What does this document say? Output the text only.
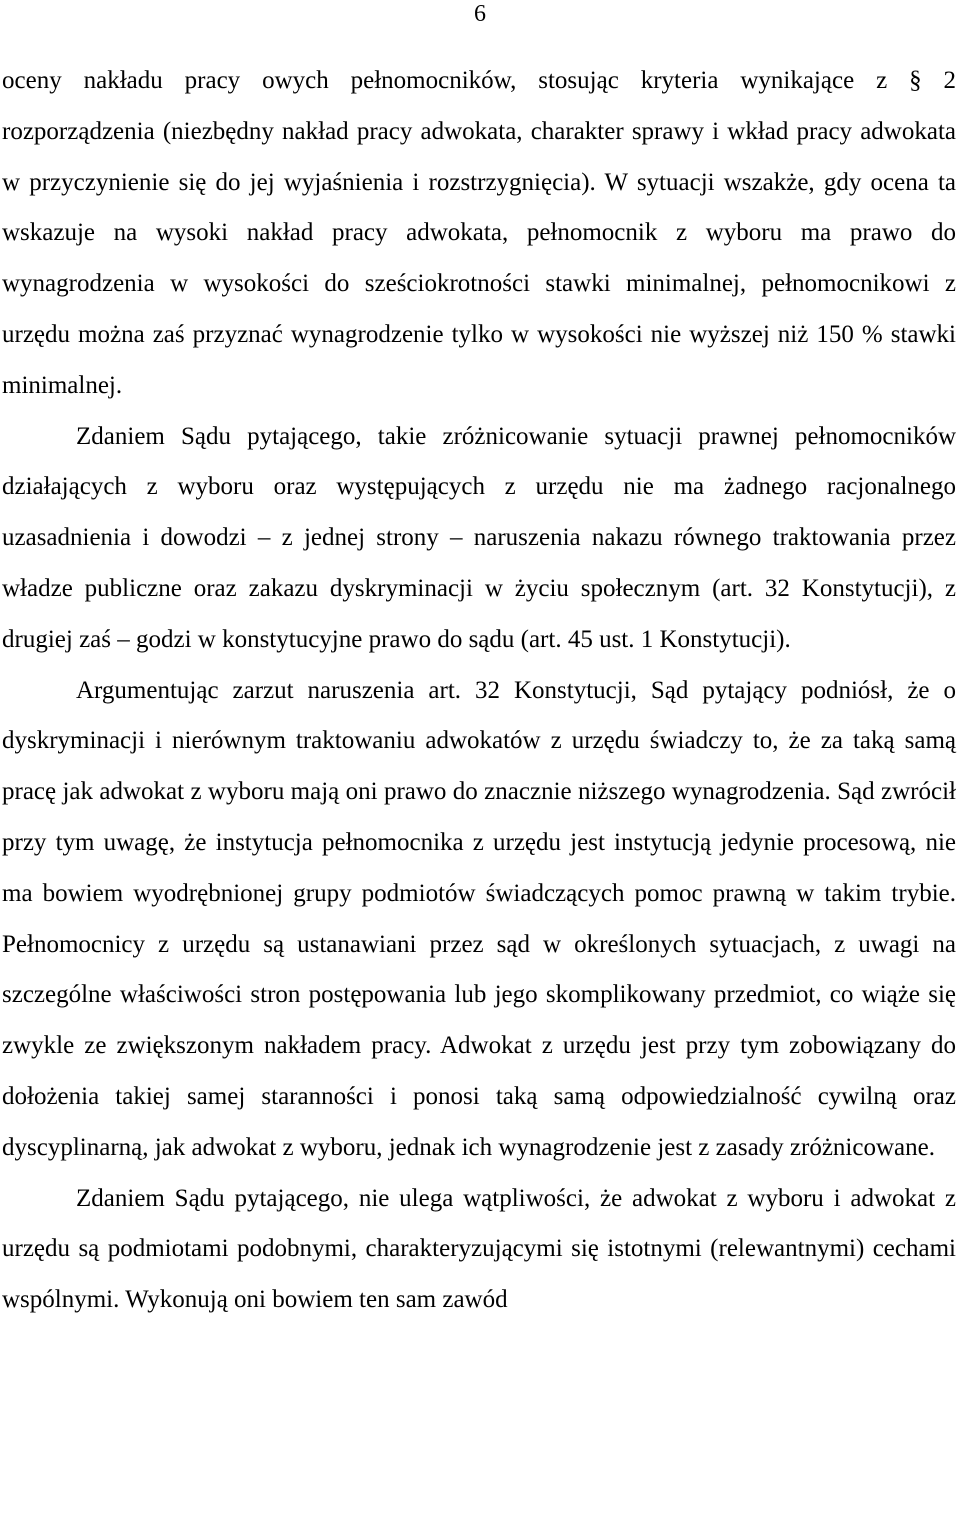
6

oceny nakładu pracy owych pełnomocników, stosując kryteria wynikające z § 2 rozporządzenia (niezbędny nakład pracy adwokata, charakter sprawy i wkład pracy adwokata w przyczynienie się do jej wyjaśnienia i rozstrzygnięcia). W sytuacji wszakże, gdy ocena ta wskazuje na wysoki nakład pracy adwokata, pełnomocnik z wyboru ma prawo do wynagrodzenia w wysokości do sześciokrotności stawki minimalnej, pełnomocnikowi z urzędu można zaś przyznać wynagrodzenie tylko w wysokości nie wyższej niż 150 % stawki minimalnej.

Zdaniem Sądu pytającego, takie zróżnicowanie sytuacji prawnej pełnomocników działających z wyboru oraz występujących z urzędu nie ma żadnego racjonalnego uzasadnienia i dowodzi – z jednej strony – naruszenia nakazu równego traktowania przez władze publiczne oraz zakazu dyskryminacji w życiu społecznym (art. 32 Konstytucji), z drugiej zaś – godzi w konstytucyjne prawo do sądu (art. 45 ust. 1 Konstytucji).

Argumentując zarzut naruszenia art. 32 Konstytucji, Sąd pytający podniósł, że o dyskryminacji i nierównym traktowaniu adwokatów z urzędu świadczy to, że za taką samą pracę jak adwokat z wyboru mają oni prawo do znacznie niższego wynagrodzenia. Sąd zwrócił przy tym uwagę, że instytucja pełnomocnika z urzędu jest instytucją jedynie procesową, nie ma bowiem wyodrębnionej grupy podmiotów świadczących pomoc prawną w takim trybie. Pełnomocnicy z urzędu są ustanawiani przez sąd w określonych sytuacjach, z uwagi na szczególne właściwości stron postępowania lub jego skomplikowany przedmiot, co wiąże się zwykle ze zwiększonym nakładem pracy. Adwokat z urzędu jest przy tym zobowiązany do dołożenia takiej samej staranności i ponosi taką samą odpowiedzialność cywilną oraz dyscyplinarną, jak adwokat z wyboru, jednak ich wynagrodzenie jest z zasady zróżnicowane.

Zdaniem Sądu pytającego, nie ulega wątpliwości, że adwokat z wyboru i adwokat z urzędu są podmiotami podobnymi, charakteryzującymi się istotnymi (relewantnymi) cechami wspólnymi. Wykonują oni bowiem ten sam zawód
